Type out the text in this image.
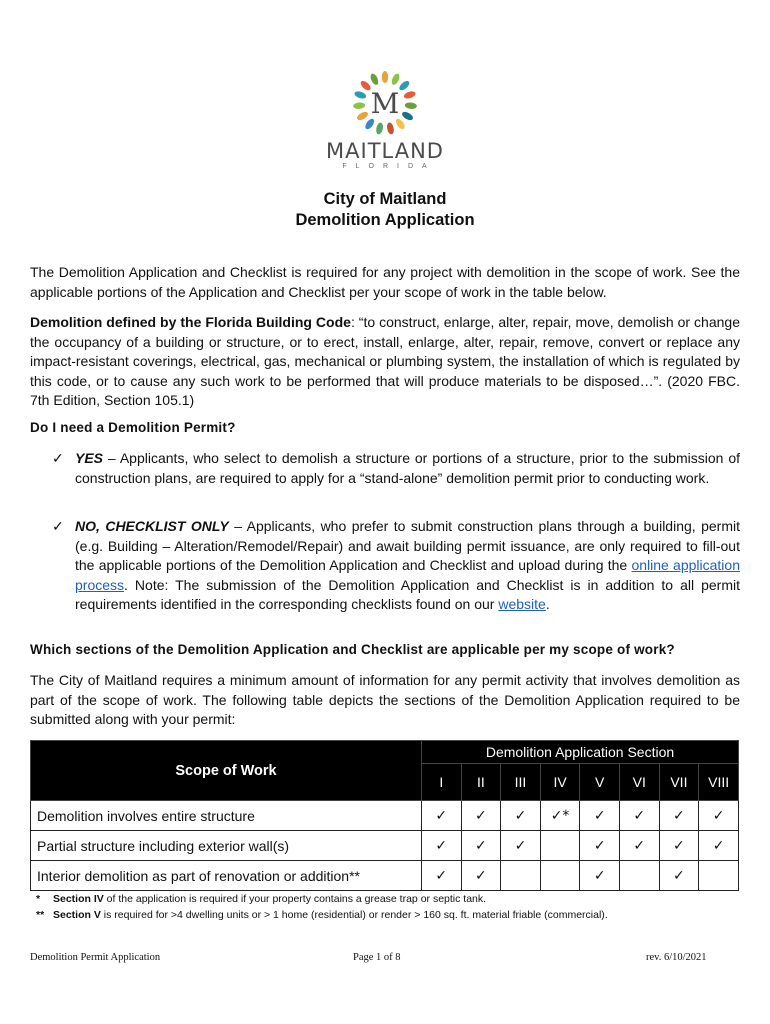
M
MAITLAND
FLORIDA
City of Maitland
Demolition Application
The Demolition Application and Checklist is required for any project with demolition in the scope of work. See the applicable portions of the Application and Checklist per your scope of work in the table below.
Demolition defined by the Florida Building Code: “to construct, enlarge, alter, repair, move, demolish or change the occupancy of a building or structure, or to erect, install, enlarge, alter, repair, remove, convert or replace any impact-resistant coverings, electrical, gas, mechanical or plumbing system, the installation of which is regulated by this code, or to cause any such work to be performed that will produce materials to be disposed…”. (2020 FBC. 7th Edition, Section 105.1)
Do I need a Demolition Permit?
✓ YES – Applicants, who select to demolish a structure or portions of a structure, prior to the submission of construction plans, are required to apply for a “stand-alone” demolition permit prior to conducting work.
✓ NO, CHECKLIST ONLY – Applicants, who prefer to submit construction plans through a building, permit (e.g. Building – Alteration/Remodel/Repair) and await building permit issuance, are only required to fill-out the applicable portions of the Demolition Application and Checklist and upload during the online application process. Note: The submission of the Demolition Application and Checklist is in addition to all permit requirements identified in the corresponding checklists found on our website.
Which sections of the Demolition Application and Checklist are applicable per my scope of work?
The City of Maitland requires a minimum amount of information for any permit activity that involves demolition as part of the scope of work. The following table depicts the sections of the Demolition Application required to be submitted along with your permit:
Scope of Work	Demolition Application Section							
	I	II	III	IV	V	VI	VII	VIII
Demolition involves entire structure	✓	✓	✓	✓*	✓	✓	✓	✓
Partial structure including exterior wall(s)	✓	✓	✓		✓	✓	✓	✓
Interior demolition as part of renovation or addition**	✓	✓			✓		✓	
* Section IV of the application is required if your property contains a grease trap or septic tank.
** Section V is required for >4 dwelling units or > 1 home (residential) or render > 160 sq. ft. material friable (commercial).
Demolition Permit Application	Page 1 of 8	rev. 6/10/2021
